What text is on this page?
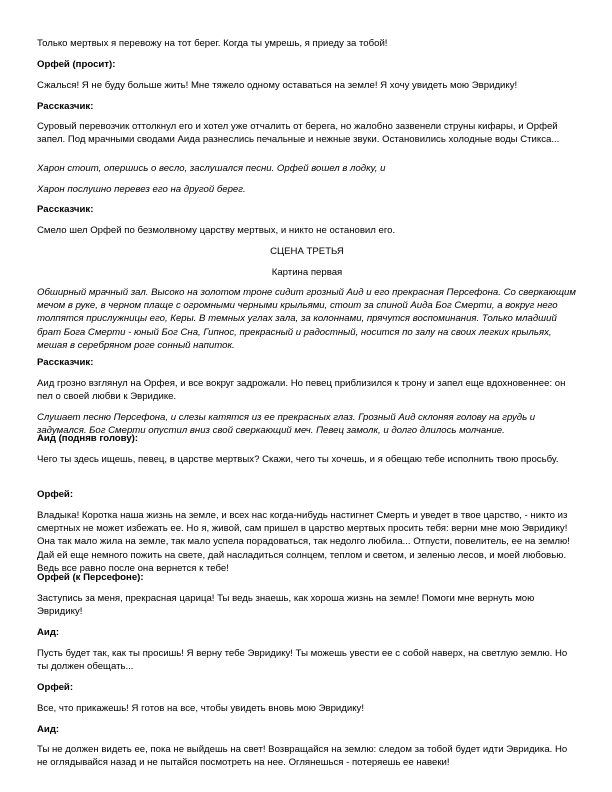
Только мертвых я перевожу на тот берег. Когда ты умрешь, я приеду за тобой!

Орфей (просит):

Сжалься! Я не буду больше жить! Мне тяжело одному оставаться на земле! Я хочу увидеть мою Эвридику!

Рассказчик:

Суровый перевозчик оттолкнул его и хотел уже отчалить от берега, но жалобно зазвенели струны кифары, и Орфей запел. Под мрачными сводами Аида разнеслись печальные и нежные звуки. Остановились холодные воды Стикса...

Харон стоит, опершись о весло, заслушался песни. Орфей вошел в лодку, и

Харон послушно перевез его на другой берег.

Рассказчик:

Смело шел Орфей по безмолвному царству мертвых, и никто не остановил его.

СЦЕНА ТРЕТЬЯ

Картина первая

Обширный мрачный зал. Высоко на золотом троне сидит грозный Аид и его прекрасная Персефона. Со сверкающим мечом в руке, в черном плаще с огромными черными крыльями, стоит за спиной Аида Бог Смерти, а вокруг него толпятся прислужницы его, Керы. В темных углах зала, за колоннами, прячутся воспоминания. Только младший брат Бога Смерти - юный Бог Сна, Гипнос, прекрасный и радостный, носится по залу на своих легких крыльях, мешая в серебряном роге сонный напиток.

Рассказчик:

Аид грозно взглянул на Орфея, и все вокруг задрожали. Но певец приблизился к трону и запел еще вдохновеннее: он пел о своей любви к Эвридике.

Слушает песню Персефона, и слезы катятся из ее прекрасных глаз. Грозный Аид склоняя голову на грудь и задумался. Бог Смерти опустил вниз свой сверкающий меч. Певец замолк, и долго длилось молчание.

Аид (подняв голову):

Чего ты здесь ищешь, певец, в царстве мертвых? Скажи, чего ты хочешь, и я обещаю тебе исполнить твою просьбу.

Орфей:

Владыка! Коротка наша жизнь на земле, и всех нас когда-нибудь настигнет Смерть и уведет в твое царство, - никто из смертных не может избежать ее. Но я, живой, сам пришел в царство мертвых просить тебя: верни мне мою Эвридику! Она так мало жила на земле, так мало успела порадоваться, так недолго любила... Отпусти, повелитель, ее на землю! Дай ей еще немного пожить на свете, дай насладиться солнцем, теплом и светом, и зеленью лесов, и моей любовью. Ведь все равно после она вернется к тебе!

Орфей (к Персефоне):

Заступись за меня, прекрасная царица! Ты ведь знаешь, как хороша жизнь на земле! Помоги мне вернуть мою Эвридику!

Аид:

Пусть будет так, как ты просишь! Я верну тебе Эвридику! Ты можешь увести ее с собой наверх, на светлую землю. Но ты должен обещать...

Орфей:

Все, что прикажешь! Я готов на все, чтобы увидеть вновь мою Эвридику!

Аид:

Ты не должен видеть ее, пока не выйдешь на свет! Возвращайся на землю: следом за тобой будет идти Эвридика. Но не оглядывайся назад и не пытайся посмотреть на нее. Оглянешься - потеряешь ее навеки!
